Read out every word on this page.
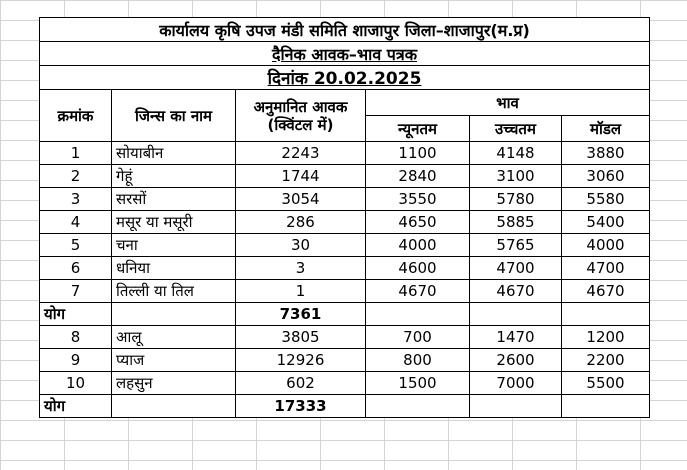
कार्यालय कृषि उपज मंडी समिति शाजापुर जिला–शाजापुर(म.प्र)					
दैनिक आवक–भाव पत्रक					
दिनांक 20.02.2025					
क्रमांक	जिन्स का नाम	अनुमानित आवक (क्विंटल में)	भाव		
			न्यूनतम	उच्चतम	मॉडल
1	सोयाबीन	2243	1100	4148	3880
2	गेहूं	1744	2840	3100	3060
3	सरसों	3054	3550	5780	5580
4	मसूर या मसूरी	286	4650	5885	5400
5	चना	30	4000	5765	4000
6	धनिया	3	4600	4700	4700
7	तिल्ली या तिल	1	4670	4670	4670
योग		7361			
8	आलू	3805	700	1470	1200
9	प्याज	12926	800	2600	2200
10	लहसुन	602	1500	7000	5500
योग		17333			
